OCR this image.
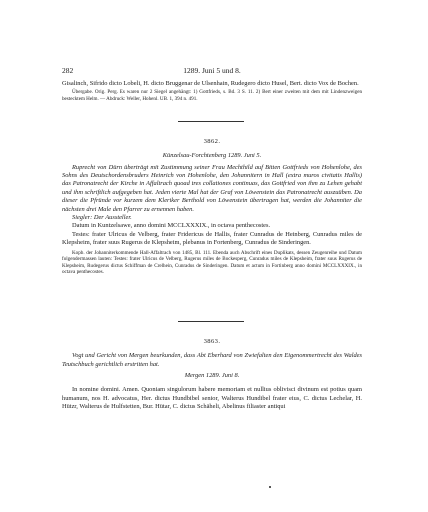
282	1289. Juni 5 und 8.

Gisalinch, Sifrido dicto Lobeli, H. dicto Bruggenar de Ulsenhain, Rudegero dicto Husel, Bert. dicto Vox de Bochen.

Übergabe. Orig. Perg. Es waren nur 2 Siegel angehängt: 1) Gottfrieds, s. Bd. 3 S. 11. 2) Bert einer zweiten mit dem mit Lindenzweigen bestecktem Helm. — Abdruck: Weller, Hohenl. UB. 1, 394 n. 491.

3862.

Künzelsau-Forchtenberg 1289. Juni 5.

Ruprecht von Dürn überträgt mit Zustimmung seiner Frau Mechthild auf Bitten Gottfrieds von Hohenlohe, des Sohns des Deutschordensbruders Heinrich von Hohenlohe, den Johannitern in Hall (extra muros civitatis Hallis) das Patronatrecht der Kirche in Affaltrach quoad tres collationes continuas, das Gottfried von ihm zu Lehen gehabt und ihm schriftlich aufgegeben hat. Jeden vierte Mal hat der Graf von Löwenstein das Patronatrecht auszuüben. Da dieser die Pfründe vor kurzem dem Kleriker Berthold von Löwenstein übertragen hat, werden die Johanniter die nächsten drei Male den Pfarrer zu ernennen haben.

Siegler: Der Aussteller.

Datum in Kuntzelsawe, anno domini MCCLXXXIX., in octava penthecostes.

Testes: frater Ulricus de Velberg, frater Fridericus de Hallis, frater Cunradus de Heinberg, Cunradus miles de Klepsheim, frater suus Rugerus de Klepsheim, plebanus in Fortenberg, Cunradus de Sinderingen.

Kopb. der Johanniterkommende Hall-Affaltrach von 1485, Bl. 111. Ebenda auch Abschrift eines Duplikats, dessen Zeugenreihe und Datum folgendermassen lauten: Testes: frater Ulricus de Velberg, Rugerus miles de Bockesperg, Cunradus miles de Klepsheim, frater suus Rugerus de Klepsheim, Rudegerus dictus Schiffman de Crelhein, Cunradus de Sinderingen. Datum et actum in Fortinberg anno domini MCCLXXXIX., in octava penthecostes.

3863.

Vogt und Gericht von Mergen beurkunden, dass Abt Eberhard von Zwiefalten den Eigenommertrecht des Waldes Teutschbuch gerichtlich erstritten hat.

Mergen 1289. Juni 8.

In nomine domini. Amen. Quoniam singulorum habere memoriam et nullius oblivisci divinum est potius quam humanum, nos H. advocatus, Her. dictus Hundbibel senior, Walterus Hundibel frater eius, C. dictus Lechelar, H. Hützr, Walterus de Hulfstetten, Bur. Hütar, C. dictus Schäheli, Abelinus filiaster antiqui
